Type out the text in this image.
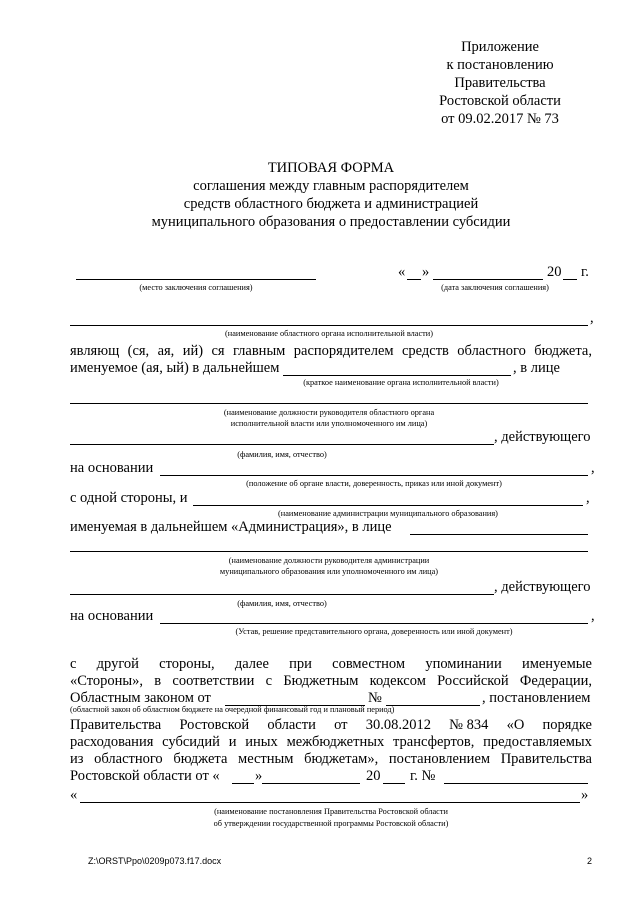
Приложение
к постановлению
Правительства
Ростовской области
от 09.02.2017 № 73
ТИПОВАЯ ФОРМА
соглашения между главным распорядителем
средств областного бюджета и администрацией
муниципального образования о предоставлении субсидии
« »	20 г.
(место заключения соглашения)	(дата заключения соглашения)
,
(наименование областного органа исполнительной власти)
являющ (ся, ая, ий) ся главным распорядителем средств областного бюджета,
именуемое (ая, ый) в дальнейшем	, в лице
(краткое наименование органа исполнительной власти)
(наименование должности руководителя областного органа
исполнительной власти или уполномоченного им лица)
, действующего
(фамилия, имя, отчество)
на основании	,
(положение об органе власти, доверенность, приказ или иной документ)
с одной стороны, и	,
(наименование администрации муниципального образования)
именуемая в дальнейшем «Администрация», в лице
(наименование должности руководителя администрации
муниципального образования или уполномоченного им лица)
, действующего
(фамилия, имя, отчество)
на основании	,
(Устав, решение представительного органа, доверенность или иной документ)
с другой стороны, далее при совместном упоминании именуемые
«Стороны», в соответствии с Бюджетным кодексом Российской Федерации,
Областным законом от	№	, постановлением
(областной закон об областном бюджете на очередной финансовый год и плановый период)
Правительства Ростовской области от 30.08.2012 № 834 «О порядке
расходования субсидий и иных межбюджетных трансфертов, предоставляемых
из областного бюджета местным бюджетам», постановлением Правительства
Ростовской области от « »	20 г. №
«	»
(наименование постановления Правительства Ростовской области
об утверждении государственной программы Ростовской области)
Z:\ORST\Ppo\0209p073.f17.docx	2
